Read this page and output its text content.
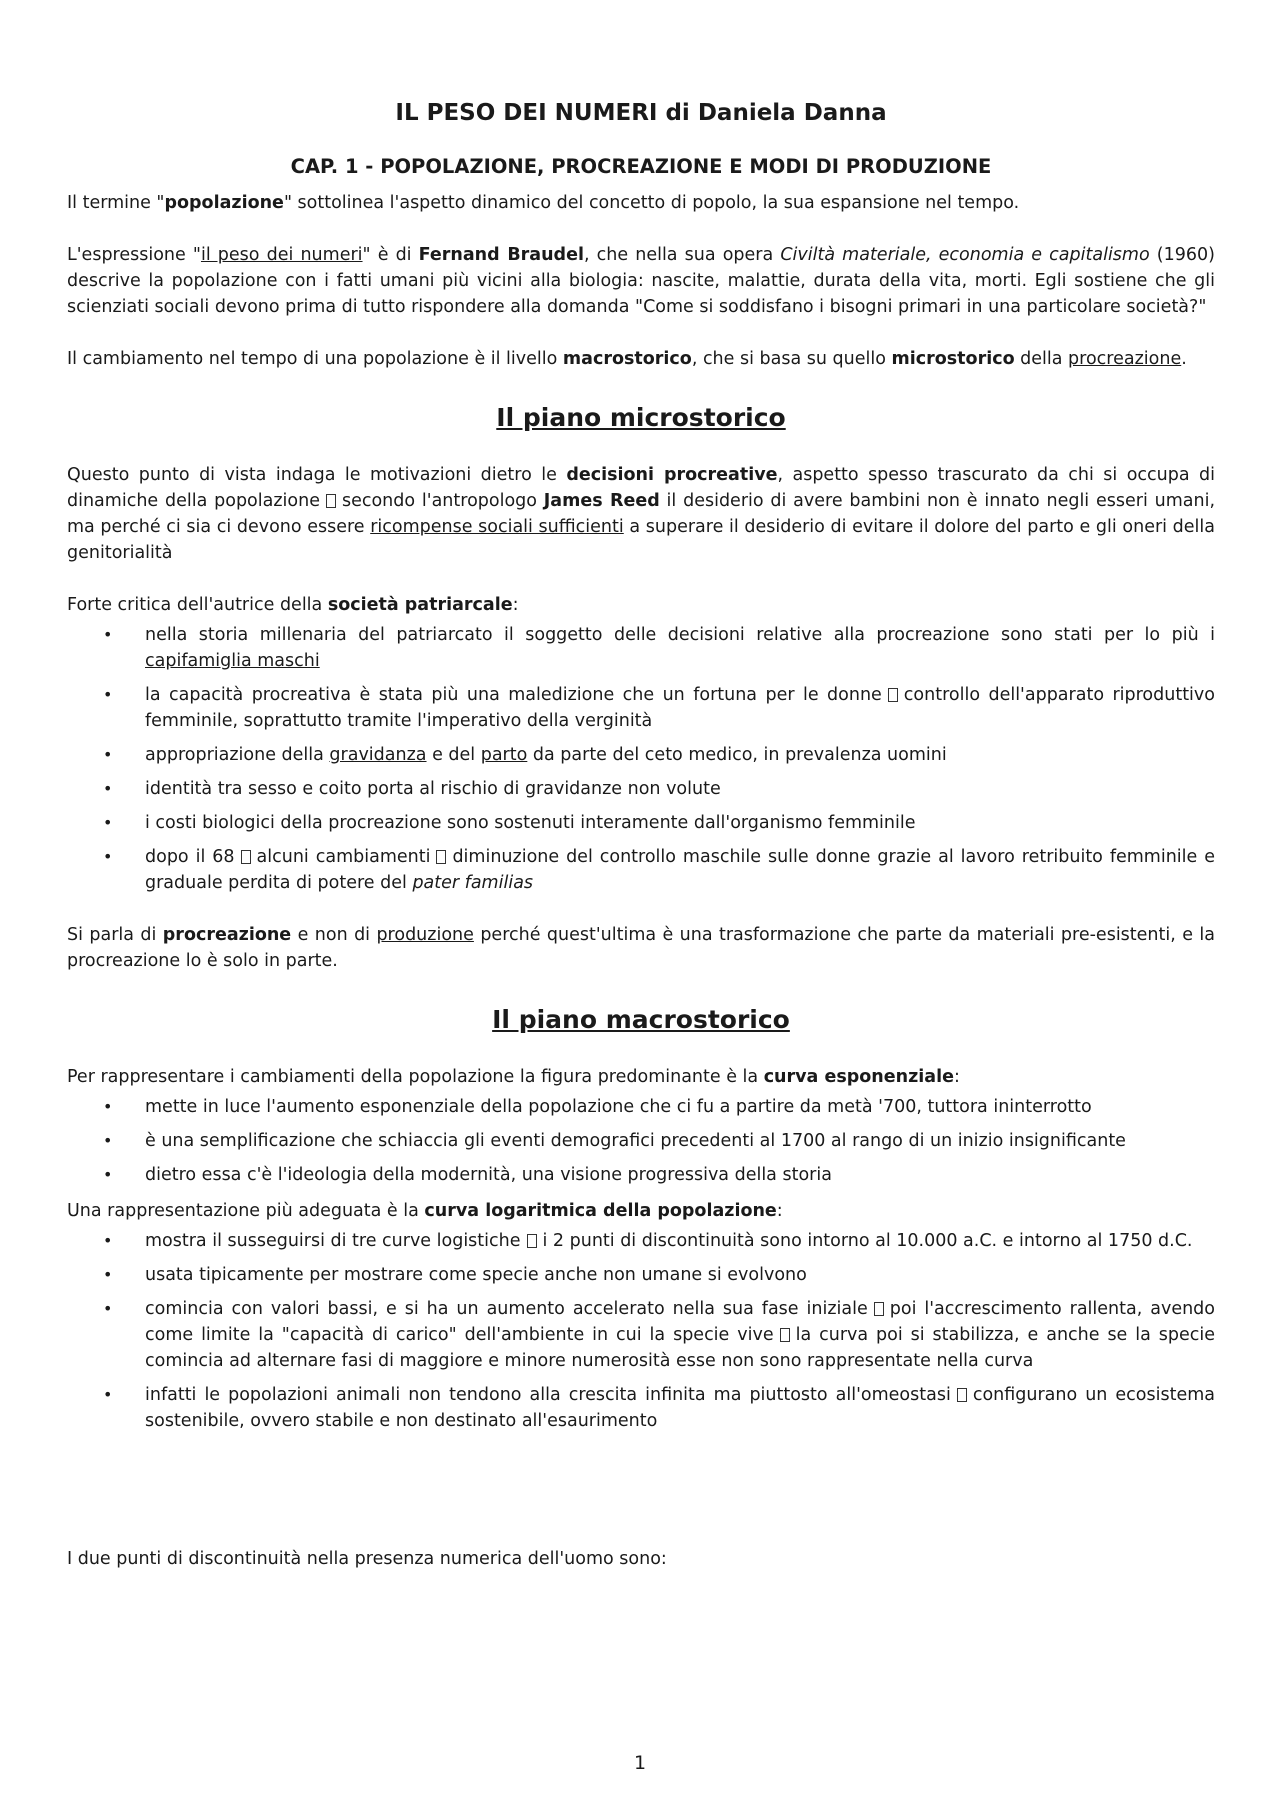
IL PESO DEI NUMERI di Daniela Danna
CAP. 1 - POPOLAZIONE, PROCREAZIONE E MODI DI PRODUZIONE

Il termine "popolazione" sottolinea l'aspetto dinamico del concetto di popolo, la sua espansione nel tempo.

L'espressione "il peso dei numeri" è di Fernand Braudel, che nella sua opera Civiltà materiale, economia e capitalismo (1960) descrive la popolazione con i fatti umani più vicini alla biologia: nascite, malattie, durata della vita, morti. Egli sostiene che gli scienziati sociali devono prima di tutto rispondere alla domanda "Come si soddisfano i bisogni primari in una particolare società?"

Il cambiamento nel tempo di una popolazione è il livello macrostorico, che si basa su quello microstorico della procreazione.

Il piano microstorico

Questo punto di vista indaga le motivazioni dietro le decisioni procreative, aspetto spesso trascurato da chi si occupa di dinamiche della popolazione secondo l'antropologo James Reed il desiderio di avere bambini non è innato negli esseri umani, ma perché ci sia ci devono essere ricompense sociali sufficienti a superare il desiderio di evitare il dolore del parto e gli oneri della genitorialità

Forte critica dell'autrice della società patriarcale:

• nella storia millenaria del patriarcato il soggetto delle decisioni relative alla procreazione sono stati per lo più i capifamiglia maschi
• la capacità procreativa è stata più una maledizione che un fortuna per le donne controllo dell'apparato riproduttivo femminile, soprattutto tramite l'imperativo della verginità
• appropriazione della gravidanza e del parto da parte del ceto medico, in prevalenza uomini
• identità tra sesso e coito porta al rischio di gravidanze non volute
• i costi biologici della procreazione sono sostenuti interamente dall'organismo femminile
• dopo il 68 alcuni cambiamenti diminuzione del controllo maschile sulle donne grazie al lavoro retribuito femminile e graduale perdita di potere del pater familias

Si parla di procreazione e non di produzione perché quest'ultima è una trasformazione che parte da materiali pre-esistenti, e la procreazione lo è solo in parte.

Il piano macrostorico

Per rappresentare i cambiamenti della popolazione la figura predominante è la curva esponenziale:

• mette in luce l'aumento esponenziale della popolazione che ci fu a partire da metà '700, tuttora ininterrotto
• è una semplificazione che schiaccia gli eventi demografici precedenti al 1700 al rango di un inizio insignificante
• dietro essa c'è l'ideologia della modernità, una visione progressiva della storia

Una rappresentazione più adeguata è la curva logaritmica della popolazione:

• mostra il susseguirsi di tre curve logistiche i 2 punti di discontinuità sono intorno al 10.000 a.C. e intorno al 1750 d.C.
• usata tipicamente per mostrare come specie anche non umane si evolvono
• comincia con valori bassi, e si ha un aumento accelerato nella sua fase iniziale poi l'accrescimento rallenta, avendo come limite la "capacità di carico" dell'ambiente in cui la specie vive la curva poi si stabilizza, e anche se la specie comincia ad alternare fasi di maggiore e minore numerosità esse non sono rappresentate nella curva
• infatti le popolazioni animali non tendono alla crescita infinita ma piuttosto all'omeostasi configurano un ecosistema sostenibile, ovvero stabile e non destinato all'esaurimento

I due punti di discontinuità nella presenza numerica dell'uomo sono:

1
